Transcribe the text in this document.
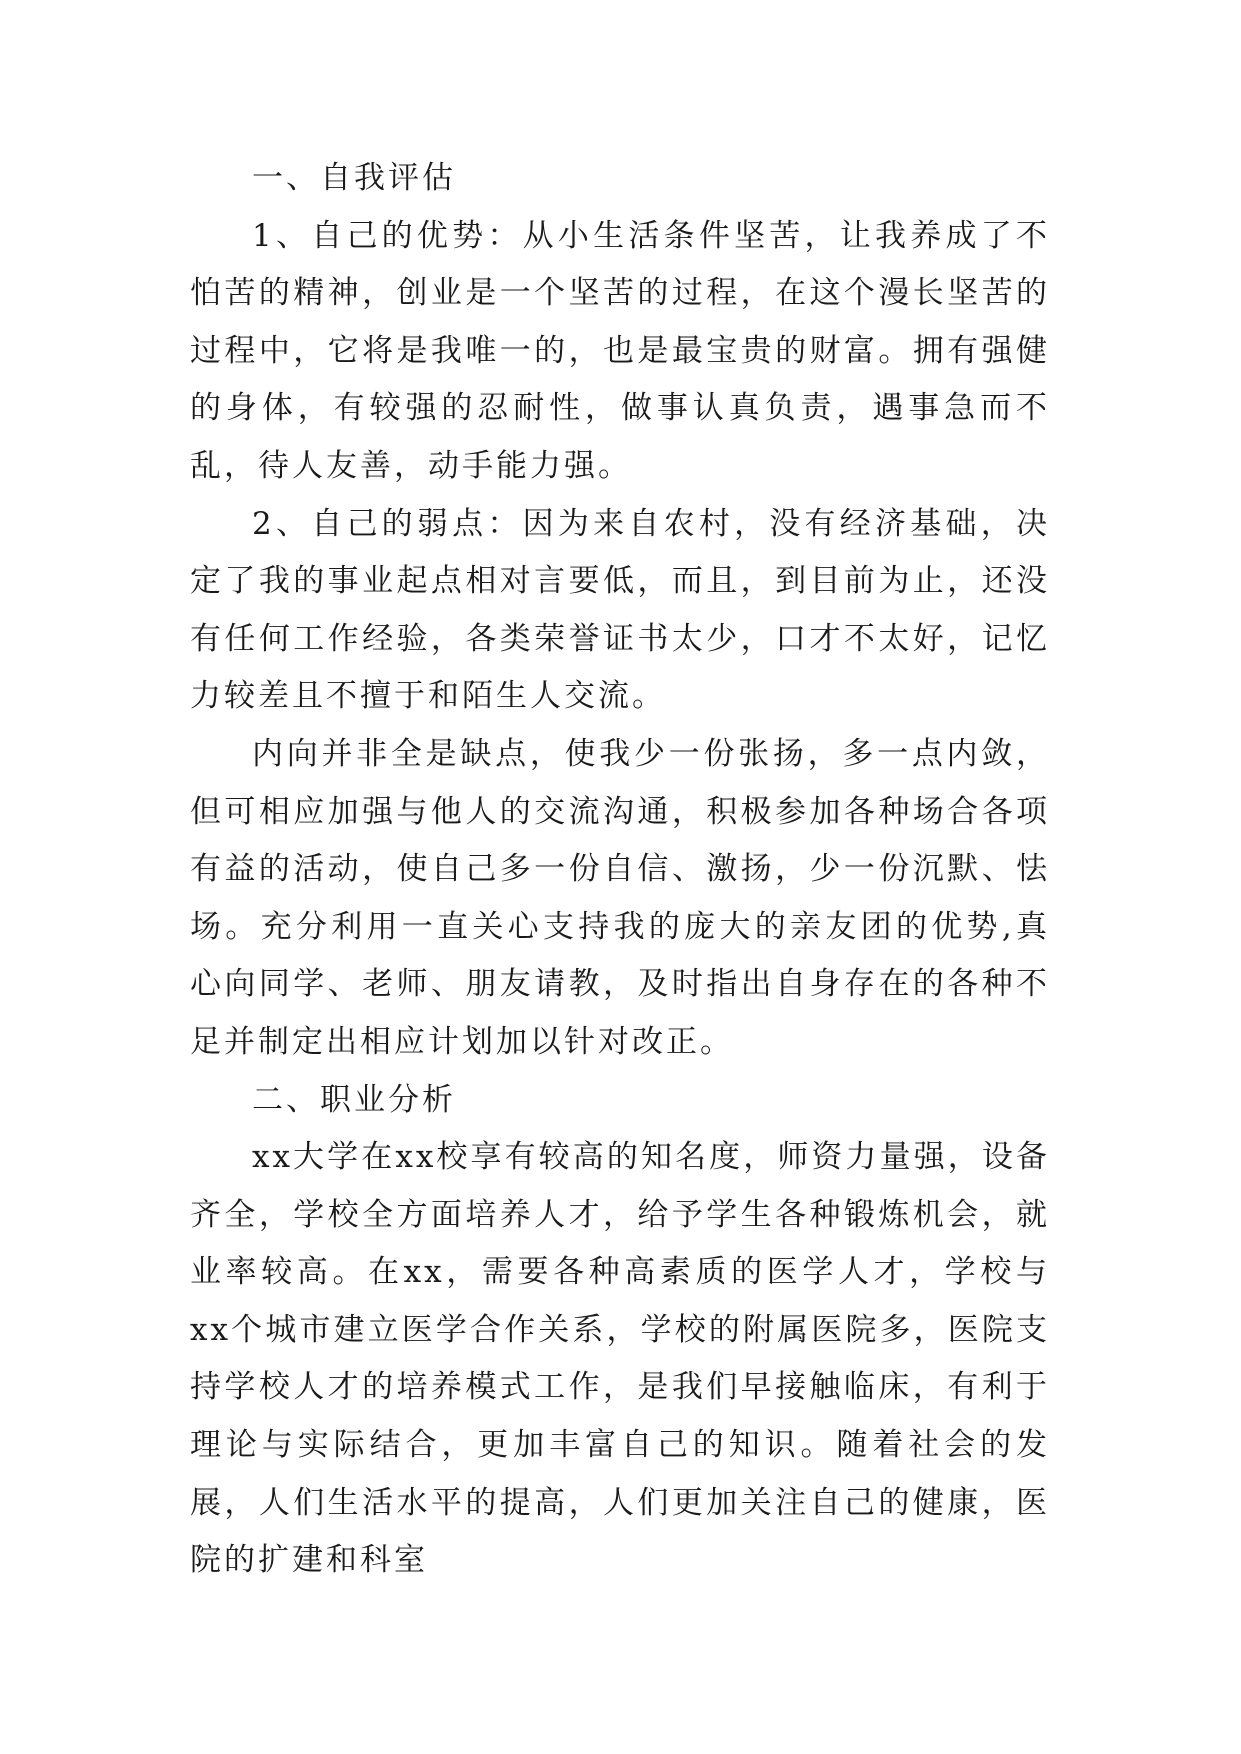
一、自我评估

1、自己的优势：从小生活条件坚苦，让我养成了不怕苦的精神，创业是一个坚苦的过程，在这个漫长坚苦的过程中，它将是我唯一的，也是最宝贵的财富。拥有强健的身体，有较强的忍耐性，做事认真负责，遇事急而不乱，待人友善，动手能力强。

2、自己的弱点：因为来自农村，没有经济基础，决定了我的事业起点相对言要低，而且，到目前为止，还没有任何工作经验，各类荣誉证书太少，口才不太好，记忆力较差且不擅于和陌生人交流。

内向并非全是缺点，使我少一份张扬，多一点内敛，但可相应加强与他人的交流沟通，积极参加各种场合各项有益的活动，使自己多一份自信、激扬，少一份沉默、怯场。充分利用一直关心支持我的庞大的亲友团的优势,真心向同学、老师、朋友请教，及时指出自身存在的各种不足并制定出相应计划加以针对改正。

二、职业分析

xx大学在xx校享有较高的知名度，师资力量强，设备齐全，学校全方面培养人才，给予学生各种锻炼机会，就业率较高。在xx，需要各种高素质的医学人才，学校与xx个城市建立医学合作关系，学校的附属医院多，医院支持学校人才的培养模式工作，是我们早接触临床，有利于理论与实际结合，更加丰富自己的知识。随着社会的发展，人们生活水平的提高，人们更加关注自己的健康，医院的扩建和科室
